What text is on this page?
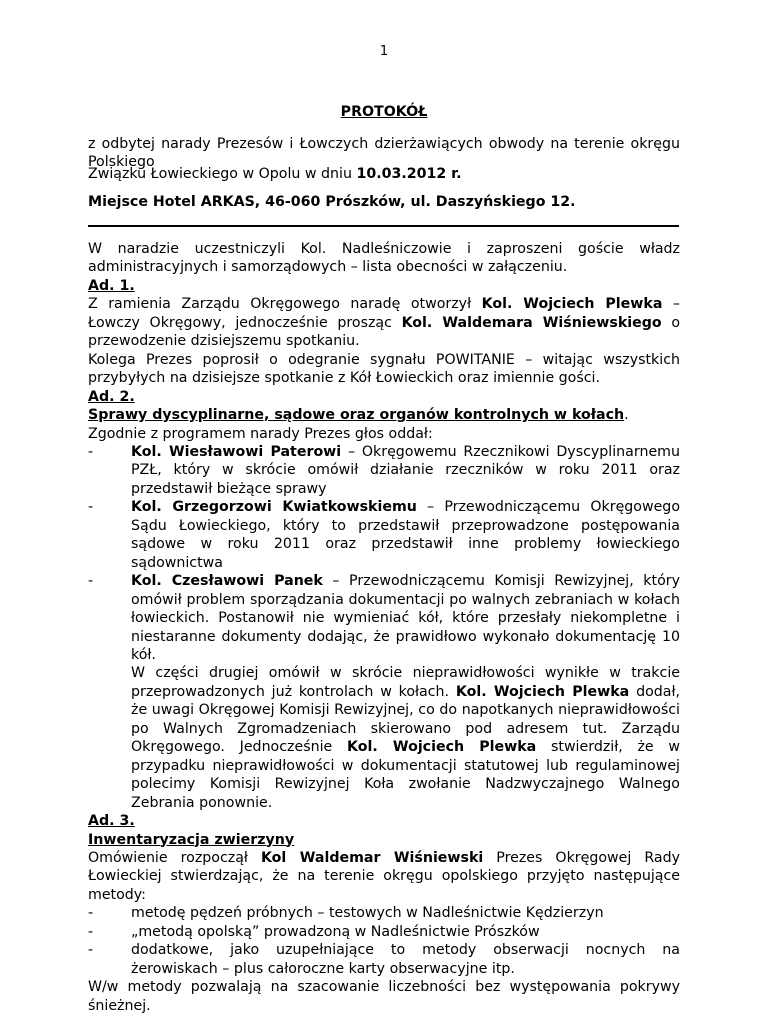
1
PROTOKÓŁ
z odbytej narady Prezesów i Łowczych dzierżawiących obwody na terenie okręgu Polskiego
Związku Łowieckiego w Opolu w dniu 10.03.2012 r.
Miejsce Hotel ARKAS, 46-060 Prószków, ul. Daszyńskiego 12.

W naradzie uczestniczyli Kol. Nadleśniczowie i zaproszeni goście władz administracyjnych i samorządowych – lista obecności w załączeniu.

Ad. 1.

Z ramienia Zarządu Okręgowego naradę otworzył Kol. Wojciech Plewka – Łowczy Okręgowy, jednocześnie prosząc Kol. Waldemara Wiśniewskiego o przewodzenie dzisiejszemu spotkaniu.

Kolega Prezes poprosił o odegranie sygnału POWITANIE – witając wszystkich przybyłych na dzisiejsze spotkanie z Kół Łowieckich oraz imiennie gości.

Ad. 2.
Sprawy dyscyplinarne, sądowe oraz organów kontrolnych w kołach.

Zgodnie z programem narady Prezes głos oddał:

-	Kol. Wiesławowi Paterowi – Okręgowemu Rzecznikowi Dyscyplinarnemu PZŁ, który w skrócie omówił działanie rzeczników w roku 2011 oraz przedstawił bieżące sprawy
-	Kol. Grzegorzowi Kwiatkowskiemu – Przewodniczącemu Okręgowego Sądu Łowieckiego, który to przedstawił przeprowadzone postępowania sądowe w roku 2011 oraz przedstawił inne problemy łowieckiego sądownictwa
-	Kol. Czesławowi Panek – Przewodniczącemu Komisji Rewizyjnej, który omówił problem sporządzania dokumentacji po walnych zebraniach w kołach łowieckich. Postanowił nie wymieniać kół, które przesłały niekompletne i niestaranne dokumenty dodając, że prawidłowo wykonało dokumentację 10 kół.
W części drugiej omówił w skrócie nieprawidłowości wynikłe w trakcie przeprowadzonych już kontrolach w kołach. Kol. Wojciech Plewka dodał, że uwagi Okręgowej Komisji Rewizyjnej, co do napotkanych nieprawidłowości po Walnych Zgromadzeniach skierowano pod adresem tut. Zarządu Okręgowego. Jednocześnie Kol. Wojciech Plewka stwierdził, że w przypadku nieprawidłowości w dokumentacji statutowej lub regulaminowej polecimy Komisji Rewizyjnej Koła zwołanie Nadzwyczajnego Walnego Zebrania ponownie.
Ad. 3.
Inwentaryzacja zwierzyny

Omówienie rozpoczął Kol Waldemar Wiśniewski Prezes Okręgowej Rady Łowieckiej stwierdzając, że na terenie okręgu opolskiego przyjęto następujące metody:

-	metodę pędzeń próbnych – testowych w Nadleśnictwie Kędzierzyn
-	„metodą opolską” prowadzoną w Nadleśnictwie Prószków
-	dodatkowe, jako uzupełniające to metody obserwacji nocnych na żerowiskach – plus całoroczne karty obserwacyjne itp.

W/w metody pozwalają na szacowanie liczebności bez występowania pokrywy śnieżnej.
